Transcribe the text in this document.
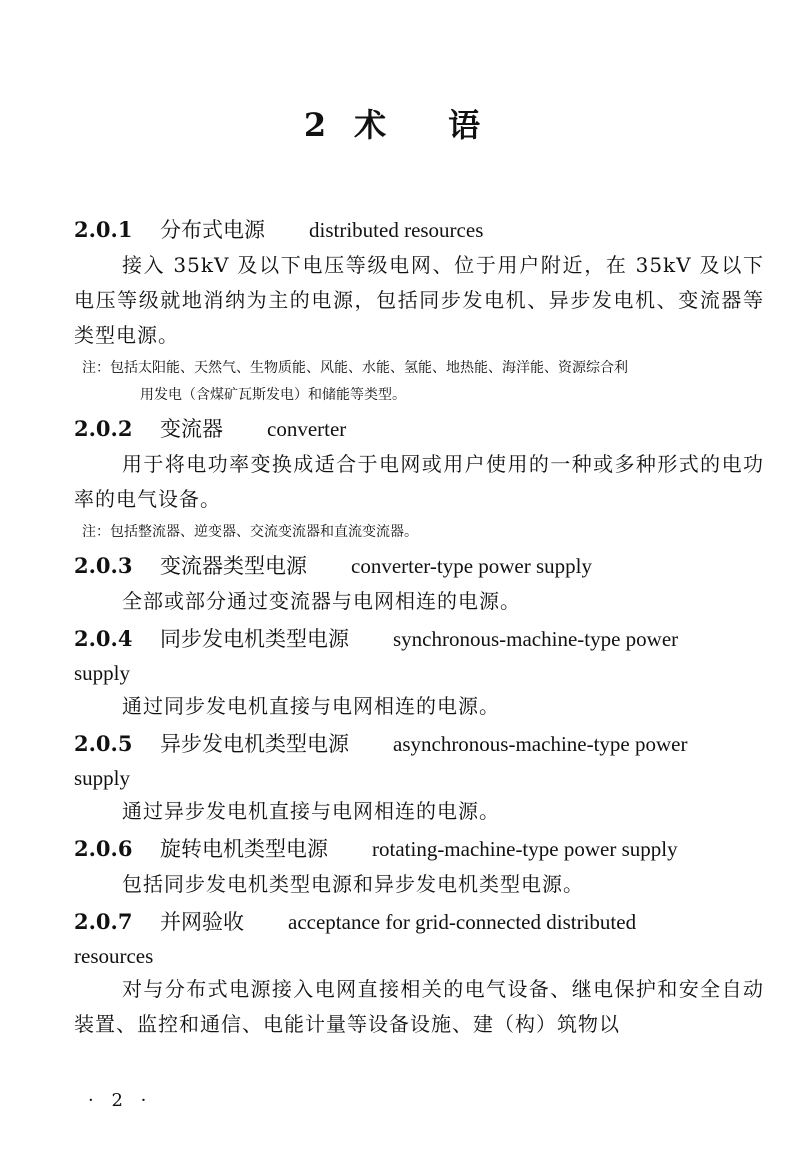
2 术 语
2.0.1 分布式电源 distributed resources
接入 35kV 及以下电压等级电网、位于用户附近，在 35kV 及以下电压等级就地消纳为主的电源，包括同步发电机、异步发电机、变流器等类型电源。
注：包括太阳能、天然气、生物质能、风能、水能、氢能、地热能、海洋能、资源综合利
用发电（含煤矿瓦斯发电）和储能等类型。
2.0.2 变流器 converter
用于将电功率变换成适合于电网或用户使用的一种或多种形式的电功率的电气设备。
注：包括整流器、逆变器、交流变流器和直流变流器。
2.0.3 变流器类型电源 converter-type power supply
全部或部分通过变流器与电网相连的电源。
2.0.4 同步发电机类型电源 synchronous-machine-type power
supply
通过同步发电机直接与电网相连的电源。
2.0.5 异步发电机类型电源 asynchronous-machine-type power
supply
通过异步发电机直接与电网相连的电源。
2.0.6 旋转电机类型电源 rotating-machine-type power supply
包括同步发电机类型电源和异步发电机类型电源。
2.0.7 并网验收 acceptance for grid-connected distributed
resources
对与分布式电源接入电网直接相关的电气设备、继电保护和安全自动装置、监控和通信、电能计量等设备设施、建（构）筑物以
· 2 ·
